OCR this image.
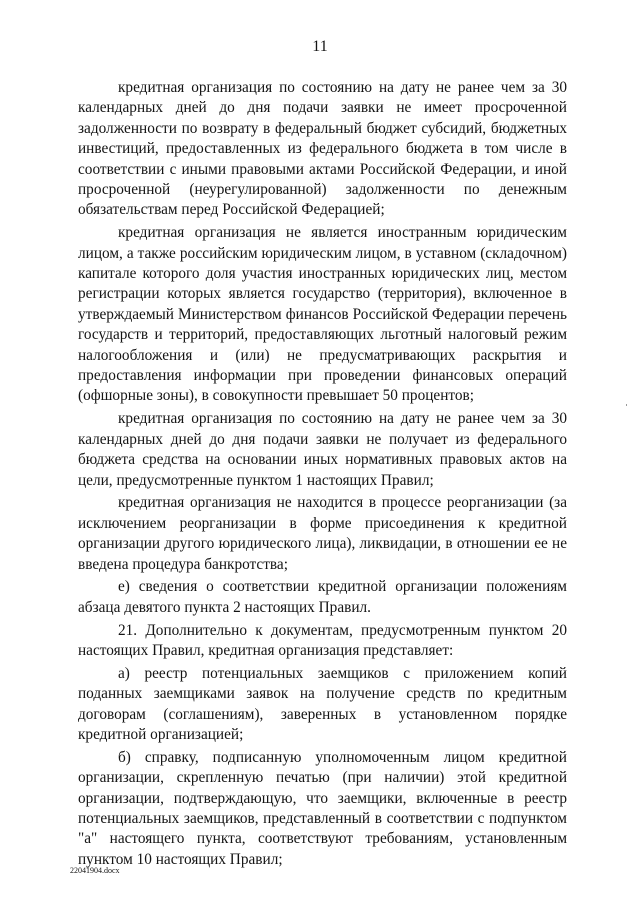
11

кредитная организация по состоянию на дату не ранее чем за 30 календарных дней до дня подачи заявки не имеет просроченной задолженности по возврату в федеральный бюджет субсидий, бюджетных инвестиций, предоставленных из федерального бюджета в том числе в соответствии с иными правовыми актами Российской Федерации, и иной просроченной (неурегулированной) задолженности по денежным обязательствам перед Российской Федерацией;

кредитная организация не является иностранным юридическим лицом, а также российским юридическим лицом, в уставном (складочном) капитале которого доля участия иностранных юридических лиц, местом регистрации которых является государство (территория), включенное в утверждаемый Министерством финансов Российской Федерации перечень государств и территорий, предоставляющих льготный налоговый режим налогообложения и (или) не предусматривающих раскрытия и предоставления информации при проведении финансовых операций (офшорные зоны), в совокупности превышает 50 процентов;

кредитная организация по состоянию на дату не ранее чем за 30 календарных дней до дня подачи заявки не получает из федерального бюджета средства на основании иных нормативных правовых актов на цели, предусмотренные пунктом 1 настоящих Правил;

кредитная организация не находится в процессе реорганизации (за исключением реорганизации в форме присоединения к кредитной организации другого юридического лица), ликвидации, в отношении ее не введена процедура банкротства;

е) сведения о соответствии кредитной организации положениям абзаца девятого пункта 2 настоящих Правил.

21. Дополнительно к документам, предусмотренным пунктом 20 настоящих Правил, кредитная организация представляет:

а) реестр потенциальных заемщиков с приложением копий поданных заемщиками заявок на получение средств по кредитным договорам (соглашениям), заверенных в установленном порядке кредитной организацией;

б) справку, подписанную уполномоченным лицом кредитной организации, скрепленную печатью (при наличии) этой кредитной организации, подтверждающую, что заемщики, включенные в реестр потенциальных заемщиков, представленный в соответствии с подпунктом "а" настоящего пункта, соответствуют требованиям, установленным пунктом 10 настоящих Правил;

22041904.docx
